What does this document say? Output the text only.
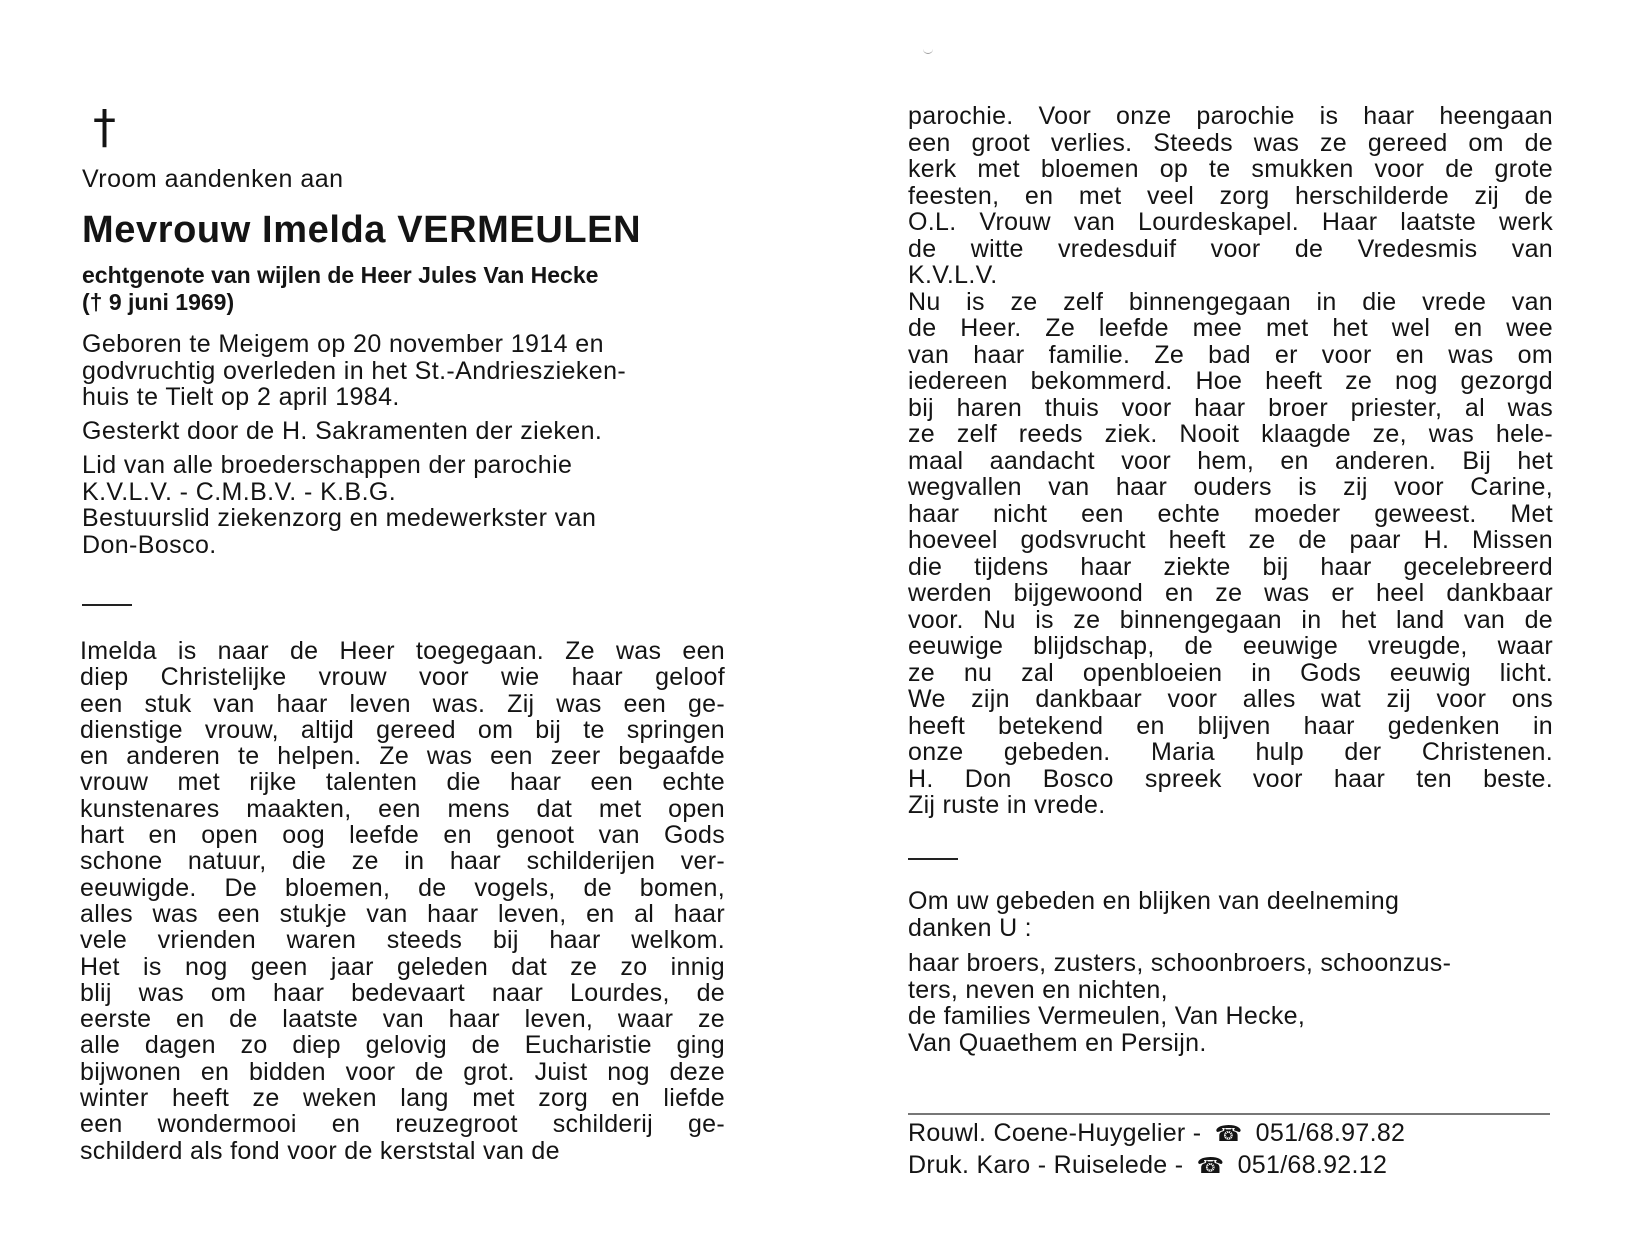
†
Vroom aandenken aan
Mevrouw Imelda VERMEULEN
echtgenote van wijlen de Heer Jules Van Hecke
(† 9 juni 1969)
Geboren te Meigem op 20 november 1914 en
godvruchtig overleden in het St.-Andrieszieken-
huis te Tielt op 2 april 1984.
Gesterkt door de H. Sakramenten der zieken.
Lid van alle broederschappen der parochie
K.V.L.V. - C.M.B.V. - K.B.G.
Bestuurslid ziekenzorg en medewerkster van
Don-Bosco.
Imelda is naar de Heer toegegaan. Ze was een
diep Christelijke vrouw voor wie haar geloof
een stuk van haar leven was. Zij was een ge-
dienstige vrouw, altijd gereed om bij te springen
en anderen te helpen. Ze was een zeer begaafde
vrouw met rijke talenten die haar een echte
kunstenares maakten, een mens dat met open
hart en open oog leefde en genoot van Gods
schone natuur, die ze in haar schilderijen ver-
eeuwigde. De bloemen, de vogels, de bomen,
alles was een stukje van haar leven, en al haar
vele vrienden waren steeds bij haar welkom.
Het is nog geen jaar geleden dat ze zo innig
blij was om haar bedevaart naar Lourdes, de
eerste en de laatste van haar leven, waar ze
alle dagen zo diep gelovig de Eucharistie ging
bijwonen en bidden voor de grot. Juist nog deze
winter heeft ze weken lang met zorg en liefde
een wondermooi en reuzegroot schilderij ge-
schilderd als fond voor de kerststal van de
parochie. Voor onze parochie is haar heengaan
een groot verlies. Steeds was ze gereed om de
kerk met bloemen op te smukken voor de grote
feesten, en met veel zorg herschilderde zij de
O.L. Vrouw van Lourdeskapel. Haar laatste werk
de witte vredesduif voor de Vredesmis van
K.V.L.V.
Nu is ze zelf binnengegaan in die vrede van
de Heer. Ze leefde mee met het wel en wee
van haar familie. Ze bad er voor en was om
iedereen bekommerd. Hoe heeft ze nog gezorgd
bij haren thuis voor haar broer priester, al was
ze zelf reeds ziek. Nooit klaagde ze, was hele-
maal aandacht voor hem, en anderen. Bij het
wegvallen van haar ouders is zij voor Carine,
haar nicht een echte moeder geweest. Met
hoeveel godsvrucht heeft ze de paar H. Missen
die tijdens haar ziekte bij haar gecelebreerd
werden bijgewoond en ze was er heel dankbaar
voor. Nu is ze binnengegaan in het land van de
eeuwige blijdschap, de eeuwige vreugde, waar
ze nu zal openbloeien in Gods eeuwig licht.
We zijn dankbaar voor alles wat zij voor ons
heeft betekend en blijven haar gedenken in
onze gebeden. Maria hulp der Christenen.
H. Don Bosco spreek voor haar ten beste.
Zij ruste in vrede.
Om uw gebeden en blijken van deelneming
danken U :
haar broers, zusters, schoonbroers, schoonzus-
ters, neven en nichten,
de families Vermeulen, Van Hecke,
Van Quaethem en Persijn.
Rouwl. Coene-Huygelier - ☎ 051/68.97.82
Druk. Karo - Ruiselede - ☎ 051/68.92.12
